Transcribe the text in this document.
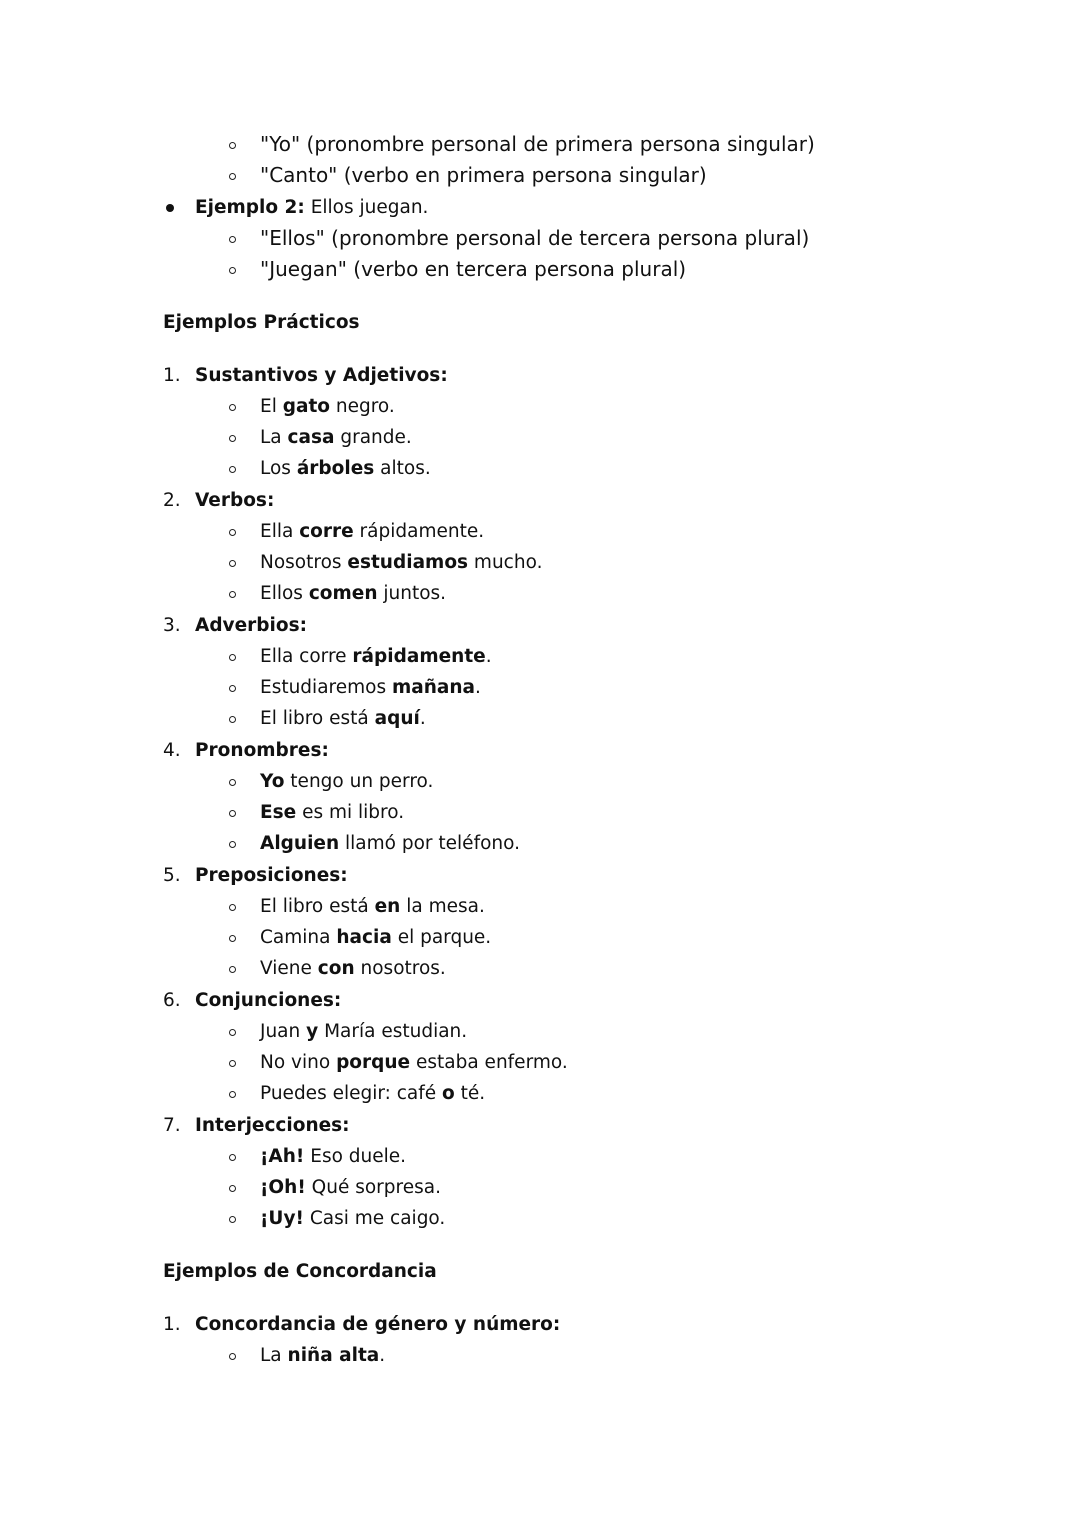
"Yo" (pronombre personal de primera persona singular)
"Canto" (verbo en primera persona singular)
Ejemplo 2: Ellos juegan.
"Ellos" (pronombre personal de tercera persona plural)
"Juegan" (verbo en tercera persona plural)
Ejemplos Prácticos
1. Sustantivos y Adjetivos:
El gato negro.
La casa grande.
Los árboles altos.
2. Verbos:
Ella corre rápidamente.
Nosotros estudiamos mucho.
Ellos comen juntos.
3. Adverbios:
Ella corre rápidamente.
Estudiaremos mañana.
El libro está aquí.
4. Pronombres:
Yo tengo un perro.
Ese es mi libro.
Alguien llamó por teléfono.
5. Preposiciones:
El libro está en la mesa.
Camina hacia el parque.
Viene con nosotros.
6. Conjunciones:
Juan y María estudian.
No vino porque estaba enfermo.
Puedes elegir: café o té.
7. Interjecciones:
¡Ah! Eso duele.
¡Oh! Qué sorpresa.
¡Uy! Casi me caigo.
Ejemplos de Concordancia
1. Concordancia de género y número:
La niña alta.
